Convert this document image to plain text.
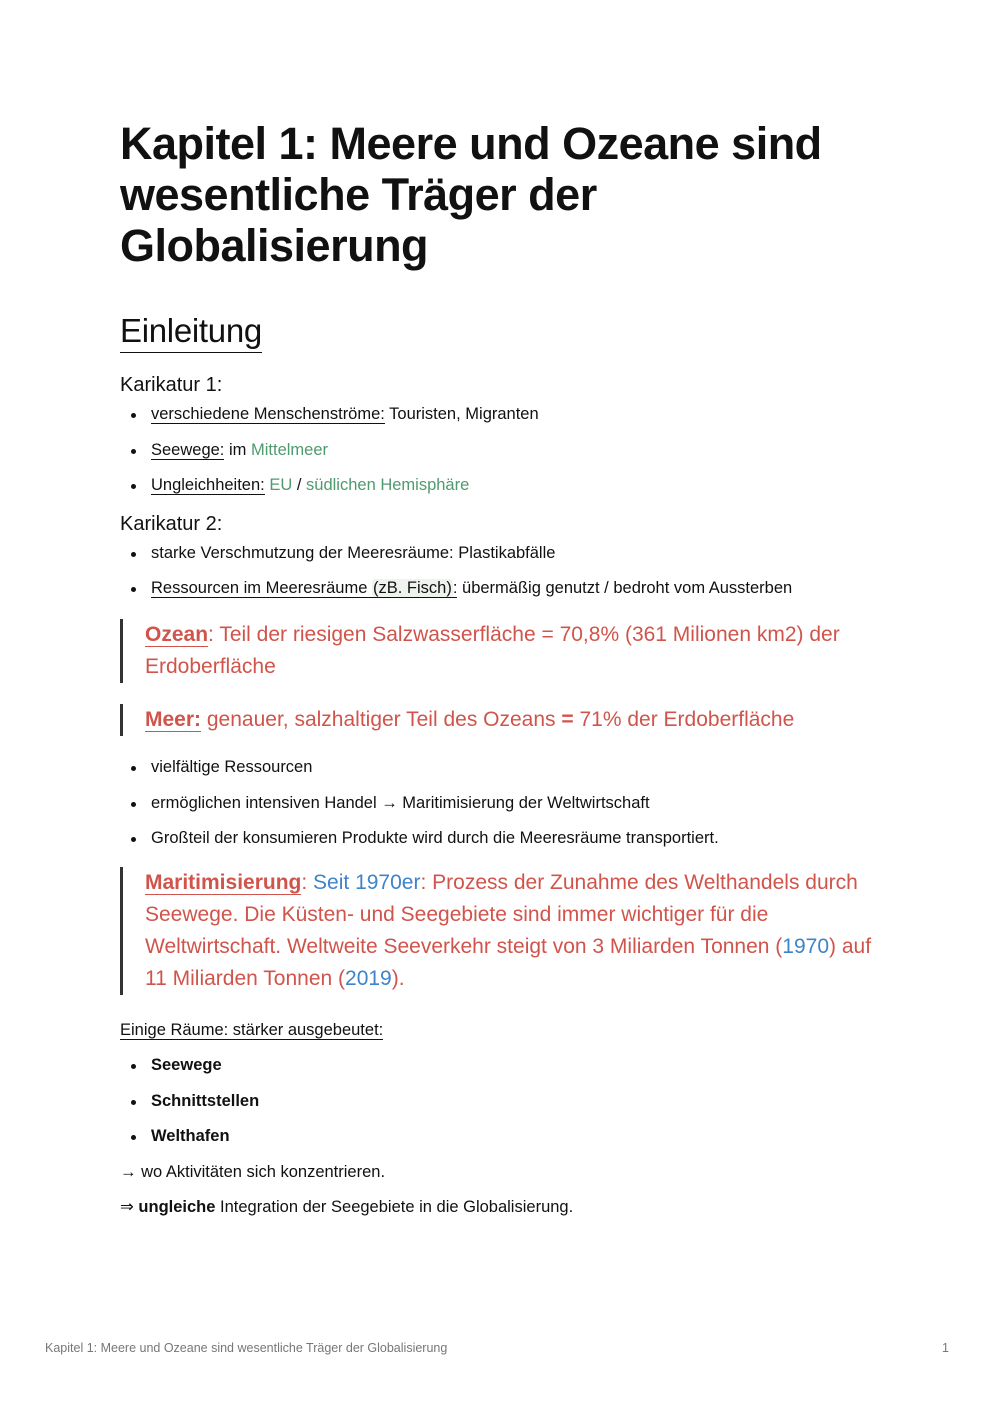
Kapitel 1: Meere und Ozeane sind wesentliche Träger der Globalisierung
Einleitung
Karikatur 1:
verschiedene Menschenströme: Touristen, Migranten
Seewege: im Mittelmeer
Ungleichheiten: EU / südlichen Hemisphäre
Karikatur 2:
starke Verschmutzung der Meeresräume: Plastikabfälle
Ressourcen im Meeresräume (zB. Fisch): übermäßig genutzt / bedroht vom Aussterben
Ozean: Teil der riesigen Salzwasserfläche = 70,8% (361 Milionen km2) der Erdoberfläche
Meer: genauer, salzhaltiger Teil des Ozeans = 71% der Erdoberfläche
vielfältige Ressourcen
ermöglichen intensiven Handel → Maritimisierung der Weltwirtschaft
Großteil der konsumieren Produkte wird durch die Meeresräume transportiert.
Maritimisierung: Seit 1970er: Prozess der Zunahme des Welthandels durch Seewege. Die Küsten- und Seegebiete sind immer wichtiger für die Weltwirtschaft. Weltweite Seeverkehr steigt von 3 Miliarden Tonnen (1970) auf 11 Miliarden Tonnen (2019).

Einige Räume: stärker ausgebeutet:

Seewege
Schnittstellen
Welthafen

→ wo Aktivitäten sich konzentrieren.

⇒ ungleiche Integration der Seegebiete in die Globalisierung.

Kapitel 1: Meere und Ozeane sind wesentliche Träger der Globalisierung	1
